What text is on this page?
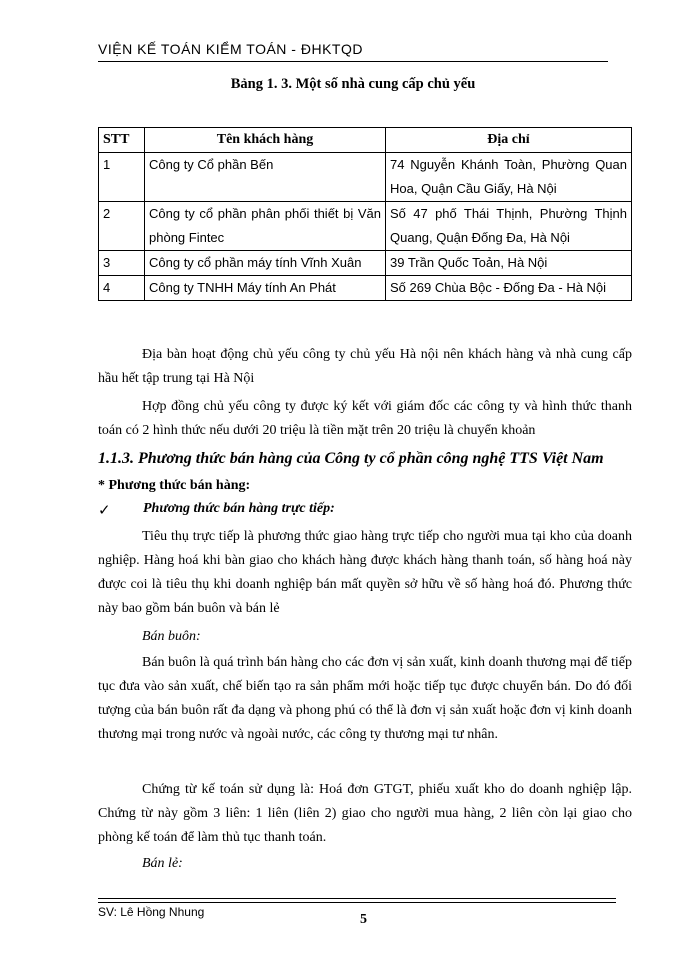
VIỆN KẾ TOÁN KIỂM TOÁN - ĐHKTQD
Bảng 1. 3. Một số nhà cung cấp chủ yếu
STT	Tên khách hàng	Địa chỉ
1	Công ty Cổ phần Bến	74 Nguyễn Khánh Toàn, Phường Quan Hoa, Quận Cầu Giấy, Hà Nội
2	Công ty cổ phần phân phối thiết bị Văn phòng Fintec	Số 47 phố Thái Thịnh, Phường Thịnh Quang, Quận Đống Đa, Hà Nội
3	Công ty cổ phần máy tính Vĩnh Xuân	39 Trần Quốc Toản, Hà Nội
4	Công ty TNHH Máy tính An Phát	Số 269 Chùa Bộc - Đống Đa - Hà Nội
Địa bàn hoạt động chủ yếu công ty chủ yếu Hà nội nên khách hàng và nhà cung cấp hầu hết tập trung tại Hà Nội
Hợp đồng chủ yếu công ty được ký kết với giám đốc các công ty và hình thức thanh toán có 2 hình thức nếu dưới 20 triệu là tiền mặt trên 20 triệu là chuyển khoản
1.1.3. Phương thức bán hàng của Công ty cổ phần công nghệ TTS Việt Nam
* Phương thức bán hàng:
✓ Phương thức bán hàng trực tiếp:
Tiêu thụ trực tiếp là phương thức giao hàng trực tiếp cho người mua tại kho của doanh nghiệp. Hàng hoá khi bàn giao cho khách hàng được khách hàng thanh toán, số hàng hoá này được coi là tiêu thụ khi doanh nghiệp bán mất quyền sở hữu về số hàng hoá đó. Phương thức này bao gồm bán buôn và bán lẻ
Bán buôn:
Bán buôn là quá trình bán hàng cho các đơn vị sản xuất, kinh doanh thương mại để tiếp tục đưa vào sản xuất, chế biến tạo ra sản phẩm mới hoặc tiếp tục được chuyển bán. Do đó đối tượng của bán buôn rất đa dạng và phong phú có thể là đơn vị sản xuất hoặc đơn vị kinh doanh thương mại trong nước và ngoài nước, các công ty thương mại tư nhân.
Chứng từ kế toán sử dụng là: Hoá đơn GTGT, phiếu xuất kho do doanh nghiệp lập. Chứng từ này gồm 3 liên: 1 liên (liên 2) giao cho người mua hàng, 2 liên còn lại giao cho phòng kế toán để làm thủ tục thanh toán.
Bán lẻ:
SV: Lê Hồng Nhung	5
